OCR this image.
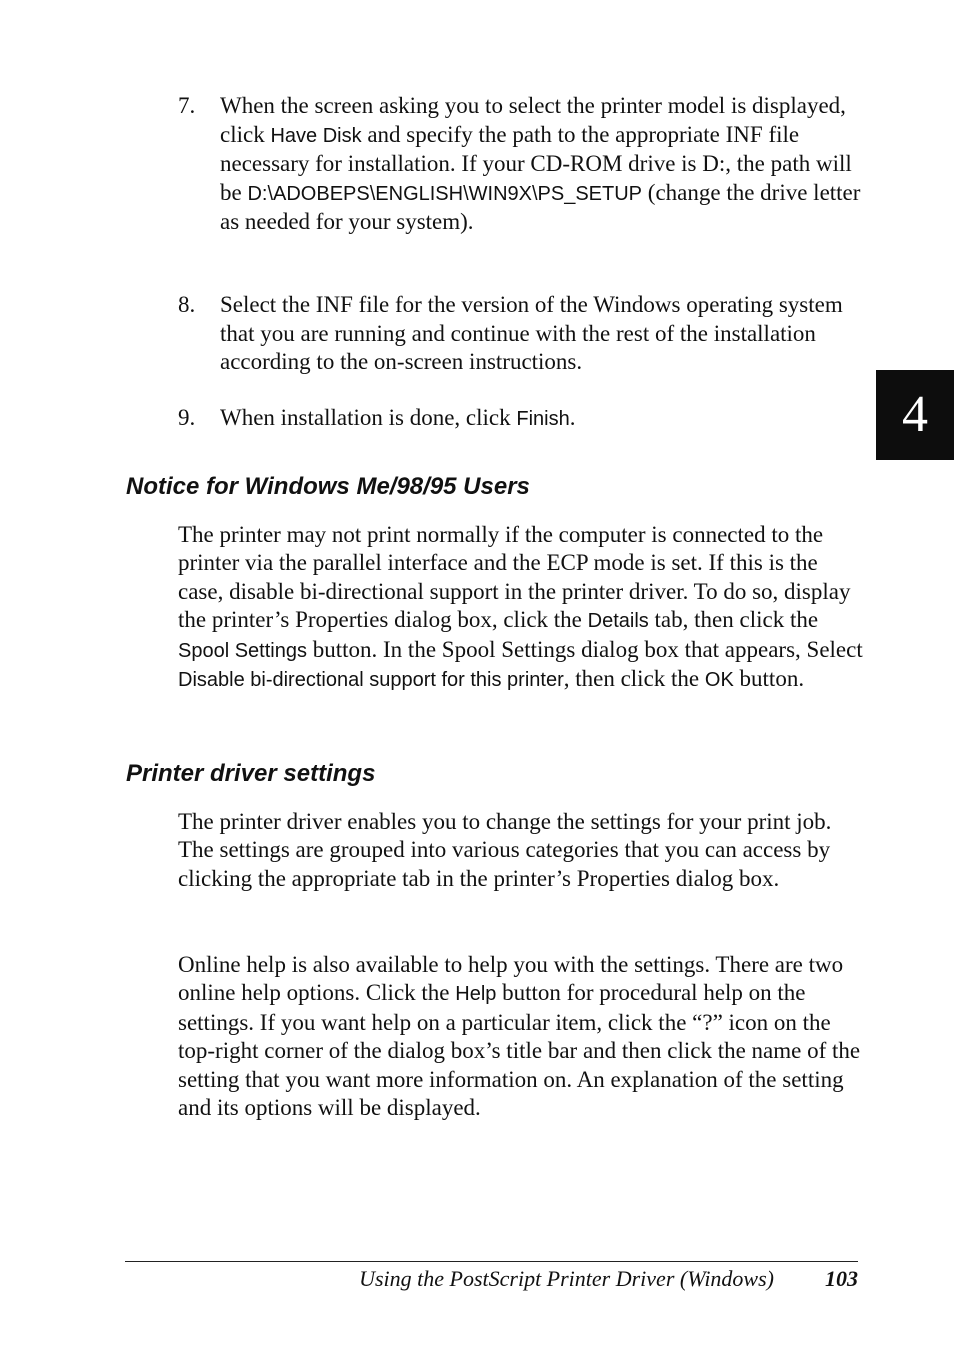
7. When the screen asking you to select the printer model is displayed, click Have Disk and specify the path to the appropriate INF file necessary for installation. If your CD-ROM drive is D:, the path will be D:\ADOBEPS\ENGLISH\WIN9X\PS_SETUP (change the drive letter as needed for your system).
8. Select the INF file for the version of the Windows operating system that you are running and continue with the rest of the installation according to the on-screen instructions.
9. When installation is done, click Finish.	4
Notice for Windows Me/98/95 Users

The printer may not print normally if the computer is connected to the printer via the parallel interface and the ECP mode is set. If this is the case, disable bi-directional support in the printer driver. To do so, display the printer’s Properties dialog box, click the Details tab, then click the Spool Settings button. In the Spool Settings dialog box that appears, Select Disable bi-directional support for this printer, then click the OK button.

Printer driver settings

The printer driver enables you to change the settings for your print job. The settings are grouped into various categories that you can access by clicking the appropriate tab in the printer’s Properties dialog box.

Online help is also available to help you with the settings. There are two online help options. Click the Help button for procedural help on the settings. If you want help on a particular item, click the “?” icon on the top-right corner of the dialog box’s title bar and then click the name of the setting that you want more information on. An explanation of the setting and its options will be displayed.

Using the PostScript Printer Driver (Windows) 103
